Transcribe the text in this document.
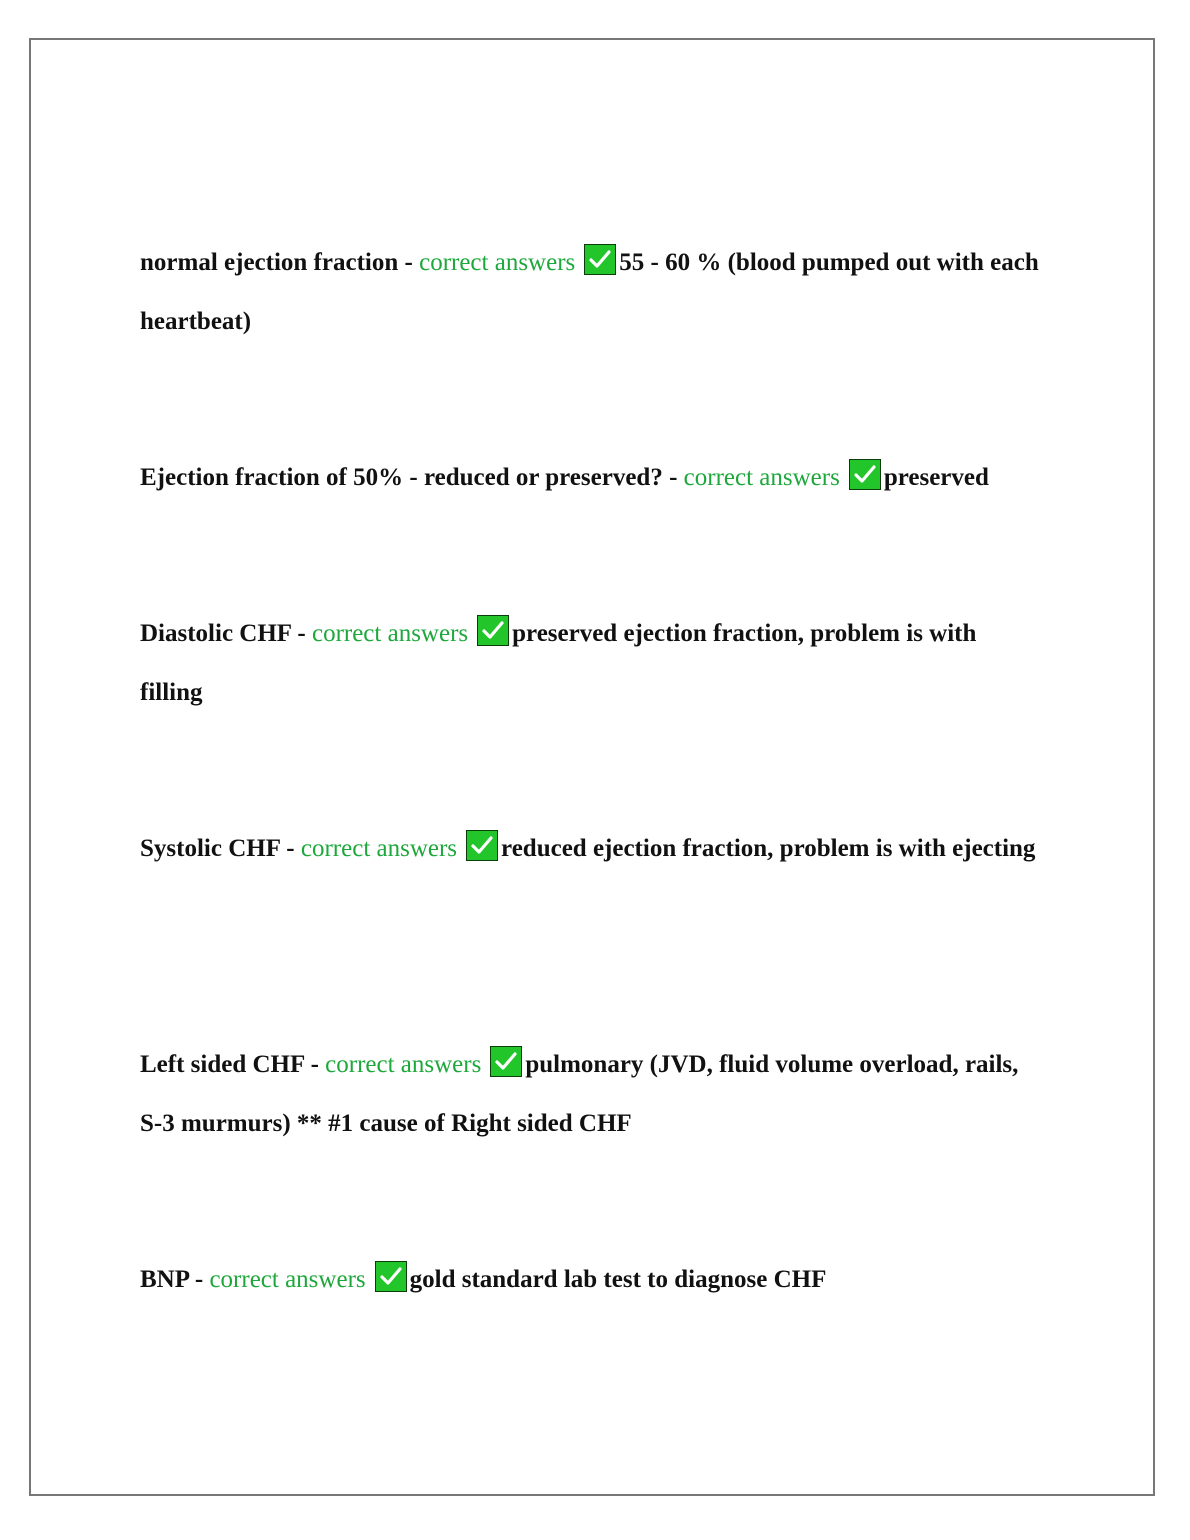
normal ejection fraction - correct answers 55 - 60 % (blood pumped out with each heartbeat)

Ejection fraction of 50% - reduced or preserved? - correct answers preserved

Diastolic CHF - correct answers preserved ejection fraction, problem is with filling

Systolic CHF - correct answers reduced ejection fraction, problem is with ejecting

Left sided CHF - correct answers pulmonary (JVD, fluid volume overload, rails, S-3 murmurs) ** #1 cause of Right sided CHF

BNP - correct answers gold standard lab test to diagnose CHF
